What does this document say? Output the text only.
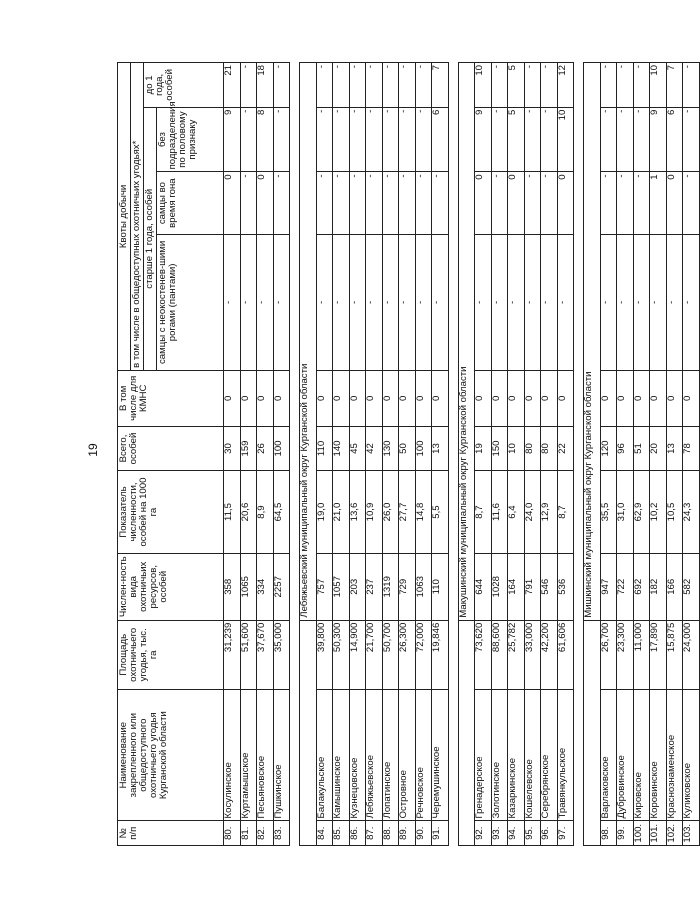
19
№ п/п	Наименование закрепленного или общедоступного охотничьего угодья Курганской области	Площадь охотничьего угодья, тыс. га	Числен-ность вида охотничьих ресурсов, особей	Показатель численности, особей на 1000 га	Всего, особей	В том числе для КМНС	Квоты добычи			
							в том числе в общедоступных охотничьих угодьях*			
							старше 1 года, особей			до 1 года, особей
							самцы с неокостенев-шими рогами (пантами)	самцы во время гона	без подразделения по половому признаку	
80.	Косулинское	31,239	358	11,5	30	0	-	0	9	21
81.	Куртамышское	51,600	1065	20,6	159	0	-	-	-	-
82.	Песьяновское	37,670	334	8,9	26	0	-	0	8	18
83.	Пушкинское	35,000	2257	64,5	100	0	-	-	-	-

			Лебяжьевский муниципальный округ Курганской области							
84.	Балакульское	39,800	757	19,0	110	0	-	-	-	-
85.	Камышинское	50,300	1057	21,0	140	0	-	-	-	-
86.	Кузнецовское	14,900	203	13,6	45	0	-	-	-	-
87.	Лебяжьевское	21,700	237	10,9	42	0	-	-	-	-
88.	Лопатинское	50,700	1319	26,0	130	0	-	-	-	-
89.	Островное	26,300	729	27,7	50	0	-	-	-	-
90.	Речновское	72,000	1063	14,8	100	0	-	-	-	-
91.	Черемушинское	19,846	110	5,5	13	0	-	-	6	7

			Макушинский муниципальный округ Курганской области							
92.	Гренадерское	73,620	644	8,7	19	0	-	0	9	10
93.	Золотинское	88,600	1028	11,6	150	0	-	-	-	-
94.	Казаркинское	25,782	164	6,4	10	0	-	0	5	5
95.	Кошелевское	33,000	791	24,0	80	0	-	-	-	-
96.	Серебрянское	42,200	546	12,9	80	0	-	-	-	-
97.	Травянкульское	61,606	536	8,7	22	0	-	0	10	12

			Мишкинский муниципальный округ Курганской области							
98.	Варлаковское	26,700	947	35,5	120	0	-	-	-	-
99.	Дубровинское	23,300	722	31,0	96	0	-	-	-	-
100.	Кировское	11,000	692	62,9	51	0	-	-	-	-
101.	Коровинское	17,890	182	10,2	20	0	-	1	9	10
102.	Краснознаменское	15,875	166	10,5	13	0	-	0	6	7
103.	Куликовское	24,000	582	24,3	78	0	-	-	-	-
